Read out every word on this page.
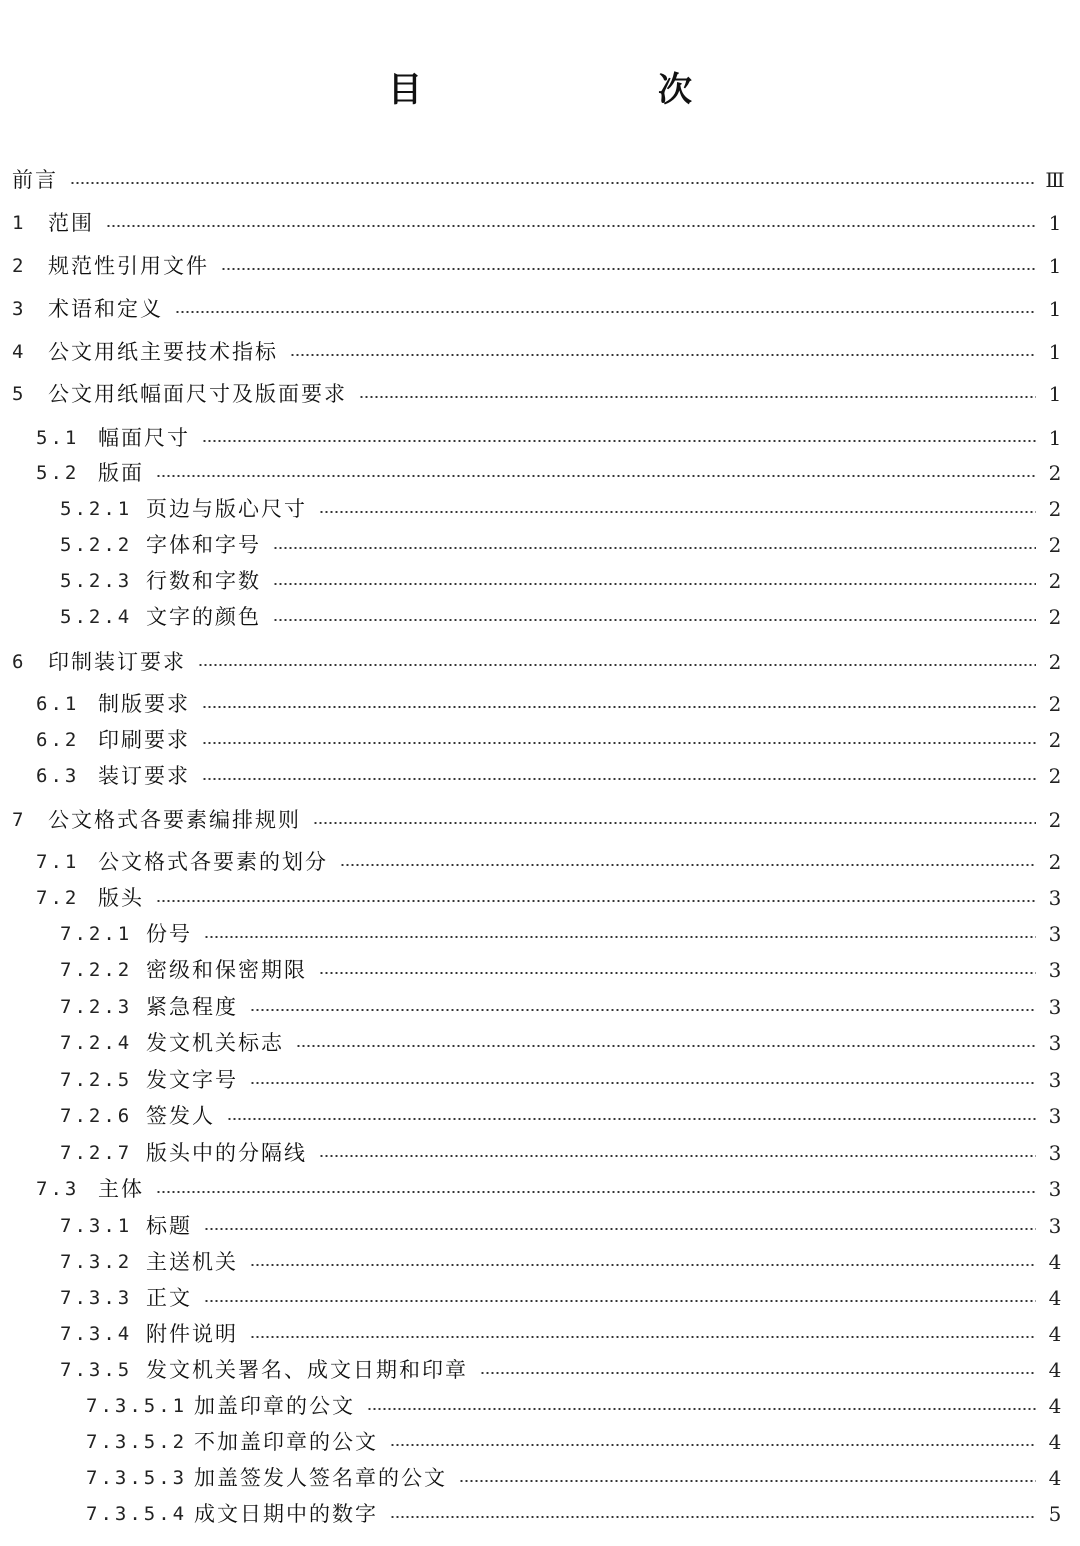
目　　次
前言	Ⅲ
1	范围	1
2	规范性引用文件	1
3	术语和定义	1
4	公文用纸主要技术指标	1
5	公文用纸幅面尺寸及版面要求	1
5.1 幅面尺寸	1
5.2 版面	2
5.2.1 页边与版心尺寸	2
5.2.2 字体和字号	2
5.2.3 行数和字数	2
5.2.4 文字的颜色	2
6	印制装订要求	2
6.1 制版要求	2
6.2 印刷要求	2
6.3 装订要求	2
7	公文格式各要素编排规则	2
7.1 公文格式各要素的划分	2
7.2 版头	3
7.2.1 份号	3
7.2.2 密级和保密期限	3
7.2.3 紧急程度	3
7.2.4 发文机关标志	3
7.2.5 发文字号	3
7.2.6 签发人	3
7.2.7 版头中的分隔线	3
7.3 主体	3
7.3.1 标题	3
7.3.2 主送机关	4
7.3.3 正文	4
7.3.4 附件说明	4
7.3.5 发文机关署名、成文日期和印章	4
7.3.5.1 加盖印章的公文	4
7.3.5.2 不加盖印章的公文	4
7.3.5.3 加盖签发人签名章的公文	4
7.3.5.4 成文日期中的数字	5
